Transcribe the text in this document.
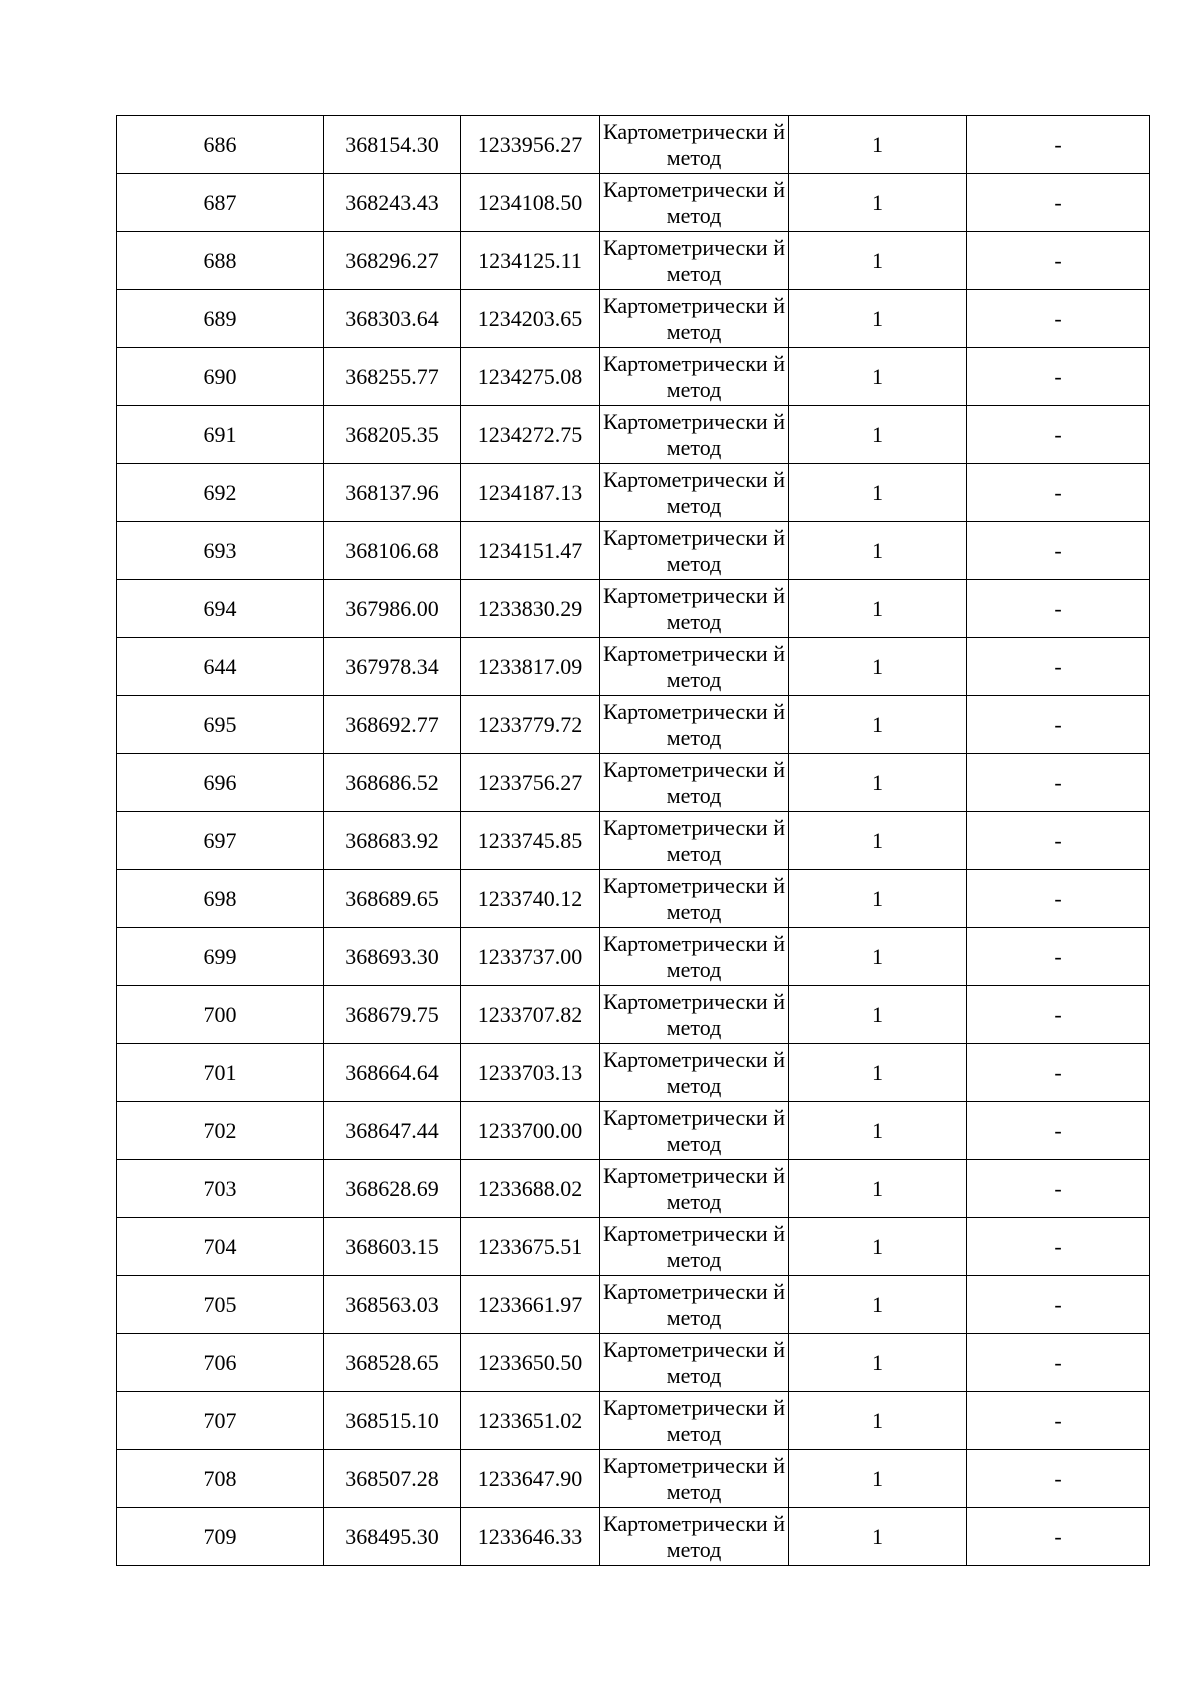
686	368154.30	1233956.27	Картометрически й метод	1	-
687	368243.43	1234108.50	Картометрически й метод	1	-
688	368296.27	1234125.11	Картометрически й метод	1	-
689	368303.64	1234203.65	Картометрически й метод	1	-
690	368255.77	1234275.08	Картометрически й метод	1	-
691	368205.35	1234272.75	Картометрически й метод	1	-
692	368137.96	1234187.13	Картометрически й метод	1	-
693	368106.68	1234151.47	Картометрически й метод	1	-
694	367986.00	1233830.29	Картометрически й метод	1	-
644	367978.34	1233817.09	Картометрически й метод	1	-
695	368692.77	1233779.72	Картометрически й метод	1	-
696	368686.52	1233756.27	Картометрически й метод	1	-
697	368683.92	1233745.85	Картометрически й метод	1	-
698	368689.65	1233740.12	Картометрически й метод	1	-
699	368693.30	1233737.00	Картометрически й метод	1	-
700	368679.75	1233707.82	Картометрически й метод	1	-
701	368664.64	1233703.13	Картометрически й метод	1	-
702	368647.44	1233700.00	Картометрически й метод	1	-
703	368628.69	1233688.02	Картометрически й метод	1	-
704	368603.15	1233675.51	Картометрически й метод	1	-
705	368563.03	1233661.97	Картометрически й метод	1	-
706	368528.65	1233650.50	Картометрически й метод	1	-
707	368515.10	1233651.02	Картометрически й метод	1	-
708	368507.28	1233647.90	Картометрически й метод	1	-
709	368495.30	1233646.33	Картометрически й метод	1	-
